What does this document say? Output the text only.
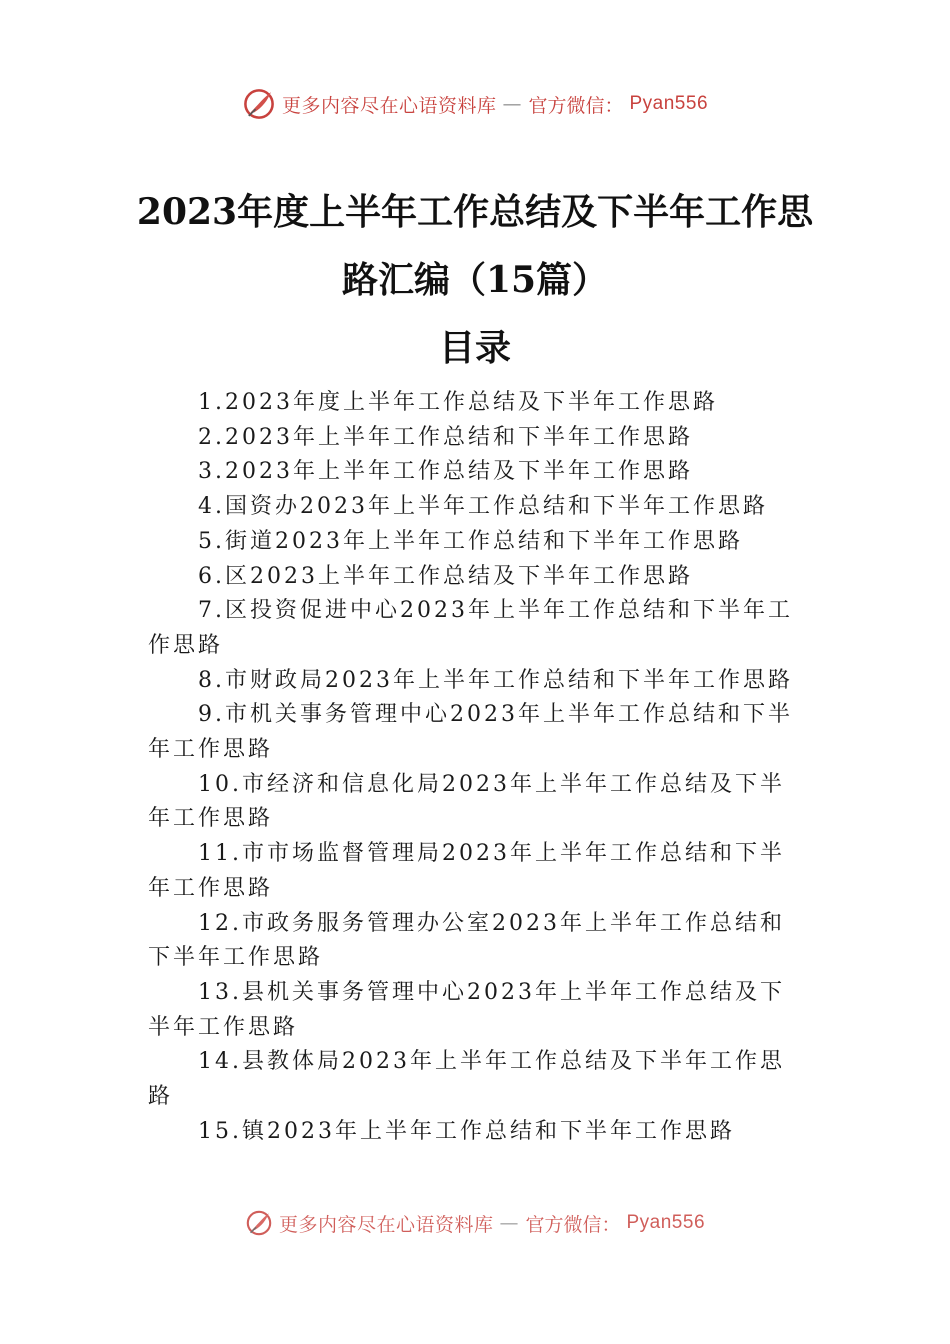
更多内容尽在心语资料库 — 官方微信： Pyan556
2023年度上半年工作总结及下半年工作思
路汇编（15篇）
目录
1.2023年度上半年工作总结及下半年工作思路
2.2023年上半年工作总结和下半年工作思路
3.2023年上半年工作总结及下半年工作思路
4.国资办2023年上半年工作总结和下半年工作思路
5.街道2023年上半年工作总结和下半年工作思路
6.区2023上半年工作总结及下半年工作思路
7.区投资促进中心2023年上半年工作总结和下半年工作思路
8.市财政局2023年上半年工作总结和下半年工作思路
9.市机关事务管理中心2023年上半年工作总结和下半年工作思路
10.市经济和信息化局2023年上半年工作总结及下半年工作思路
11.市市场监督管理局2023年上半年工作总结和下半年工作思路
12.市政务服务管理办公室2023年上半年工作总结和下半年工作思路
13.县机关事务管理中心2023年上半年工作总结及下半年工作思路
14.县教体局2023年上半年工作总结及下半年工作思路
15.镇2023年上半年工作总结和下半年工作思路
更多内容尽在心语资料库 — 官方微信： Pyan556
